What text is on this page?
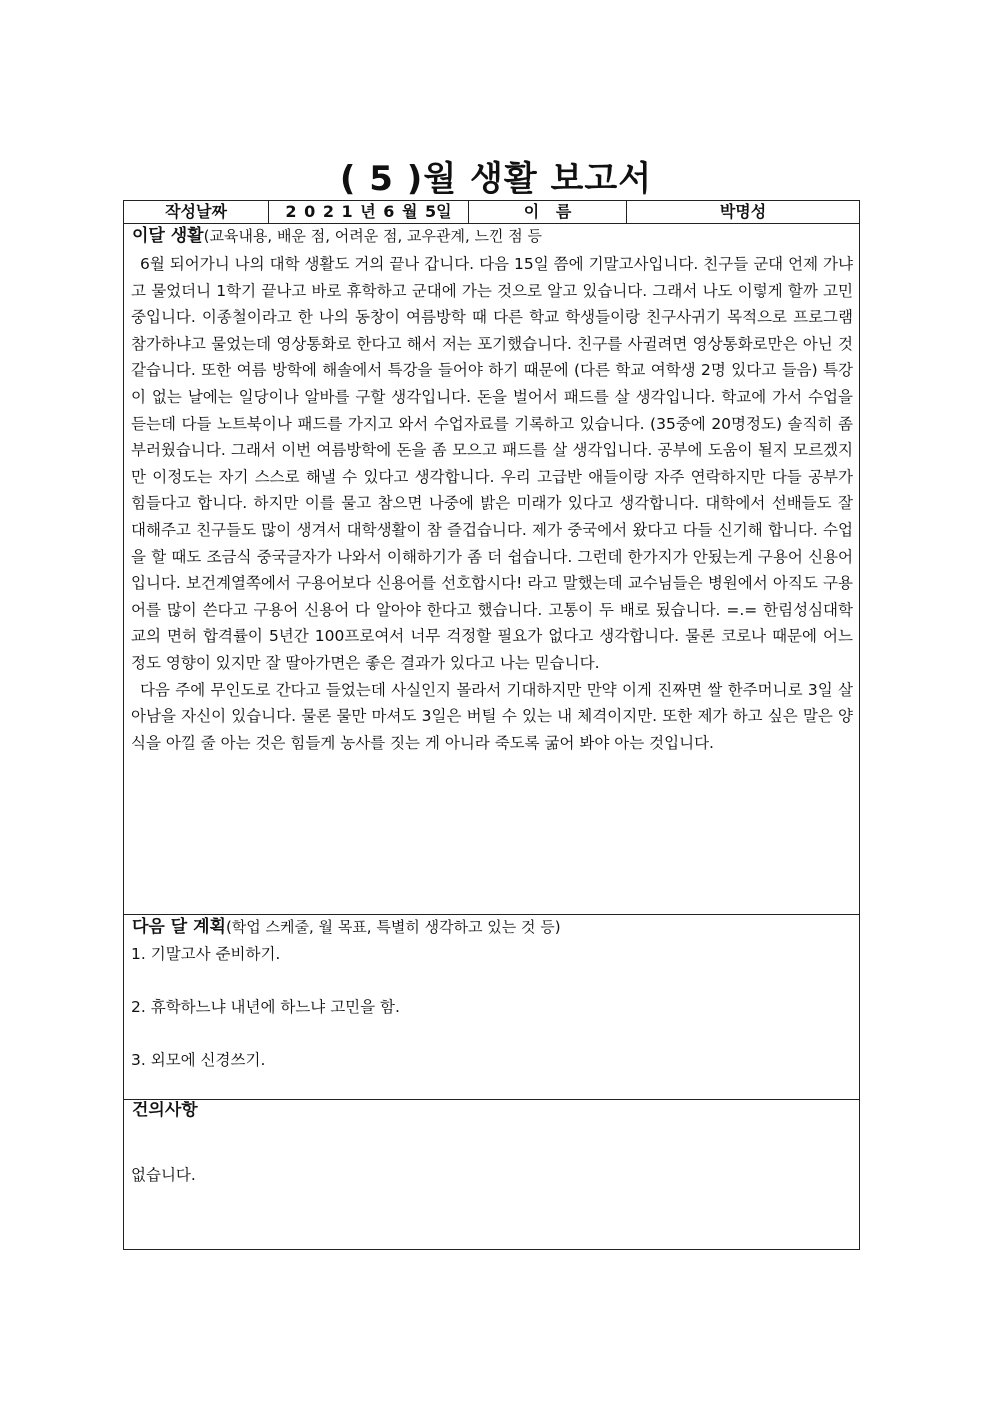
( 5 )월 생활 보고서
작성날짜	2 0 2 1 년 6 월 5일	이   름	박명성
이달 생활(교육내용, 배운 점, 어려운 점, 교우관계, 느낀 점 등

6월 되어가니 나의 대학 생활도 거의 끝나 갑니다. 다음 15일 쯤에 기말고사입니다. 친구들 군대 언제 가냐고 물었더니 1학기 끝나고 바로 휴학하고 군대에 가는 것으로 알고 있습니다. 그래서 나도 이렇게 할까 고민중입니다. 이종철이라고 한 나의 동창이 여름방학 때 다른 학교 학생들이랑 친구사귀기 목적으로 프로그램 참가하냐고 물었는데 영상통화로 한다고 해서 저는 포기했습니다. 친구를 사귈려면 영상통화로만은 아닌 것 같습니다. 또한 여름 방학에 해솔에서 특강을 들어야 하기 때문에 (다른 학교 여학생 2명 있다고 들음) 특강이 없는 날에는 일당이나 알바를 구할 생각입니다. 돈을 벌어서 패드를 살 생각입니다. 학교에 가서 수업을 듣는데 다들 노트북이나 패드를 가지고 와서 수업자료를 기록하고 있습니다. (35중에 20명정도) 솔직히 좀 부러웠습니다. 그래서 이번 여름방학에 돈을 좀 모으고 패드를 살 생각입니다. 공부에 도움이 될지 모르겠지만 이정도는 자기 스스로 해낼 수 있다고 생각합니다. 우리 고급반 애들이랑 자주 연락하지만 다들 공부가 힘들다고 합니다. 하지만 이를 물고 참으면 나중에 밝은 미래가 있다고 생각합니다. 대학에서 선배들도 잘 대해주고 친구들도 많이 생겨서 대학생활이 참 즐겁습니다. 제가 중국에서 왔다고 다들 신기해 합니다. 수업을 할 때도 조금식 중국글자가 나와서 이해하기가 좀 더 쉽습니다. 그런데 한가지가 안됬는게 구용어 신용어입니다. 보건계열쪽에서 구용어보다 신용어를 선호합시다! 라고 말했는데 교수님들은 병원에서 아직도 구용어를 많이 쓴다고 구용어 신용어 다 알아야 한다고 했습니다. 고통이 두 배로 됬습니다. =.= 한림성심대학교의 면허 합격률이 5년간 100프로여서 너무 걱정할 필요가 없다고 생각합니다. 물론 코로나 때문에 어느정도 영향이 있지만 잘 딸아가면은 좋은 결과가 있다고 나는 믿습니다.

다음 주에 무인도로 간다고 들었는데 사실인지 몰라서 기대하지만 만약 이게 진짜면 쌀 한주머니로 3일 살아남을 자신이 있습니다. 물론 물만 마셔도 3일은 버틸 수 있는 내 체격이지만. 또한 제가 하고 싶은 말은 양식을 아낄 줄 아는 것은 힘들게 농사를 짓는 게 아니라 죽도록 굶어 봐야 아는 것입니다.

다음 달 계획(학업 스케줄, 월 목표, 특별히 생각하고 있는 것 등)
1. 기말고사 준비하기.
2. 휴학하느냐 내년에 하느냐 고민을 함.
3. 외모에 신경쓰기.
건의사항
없습니다.
